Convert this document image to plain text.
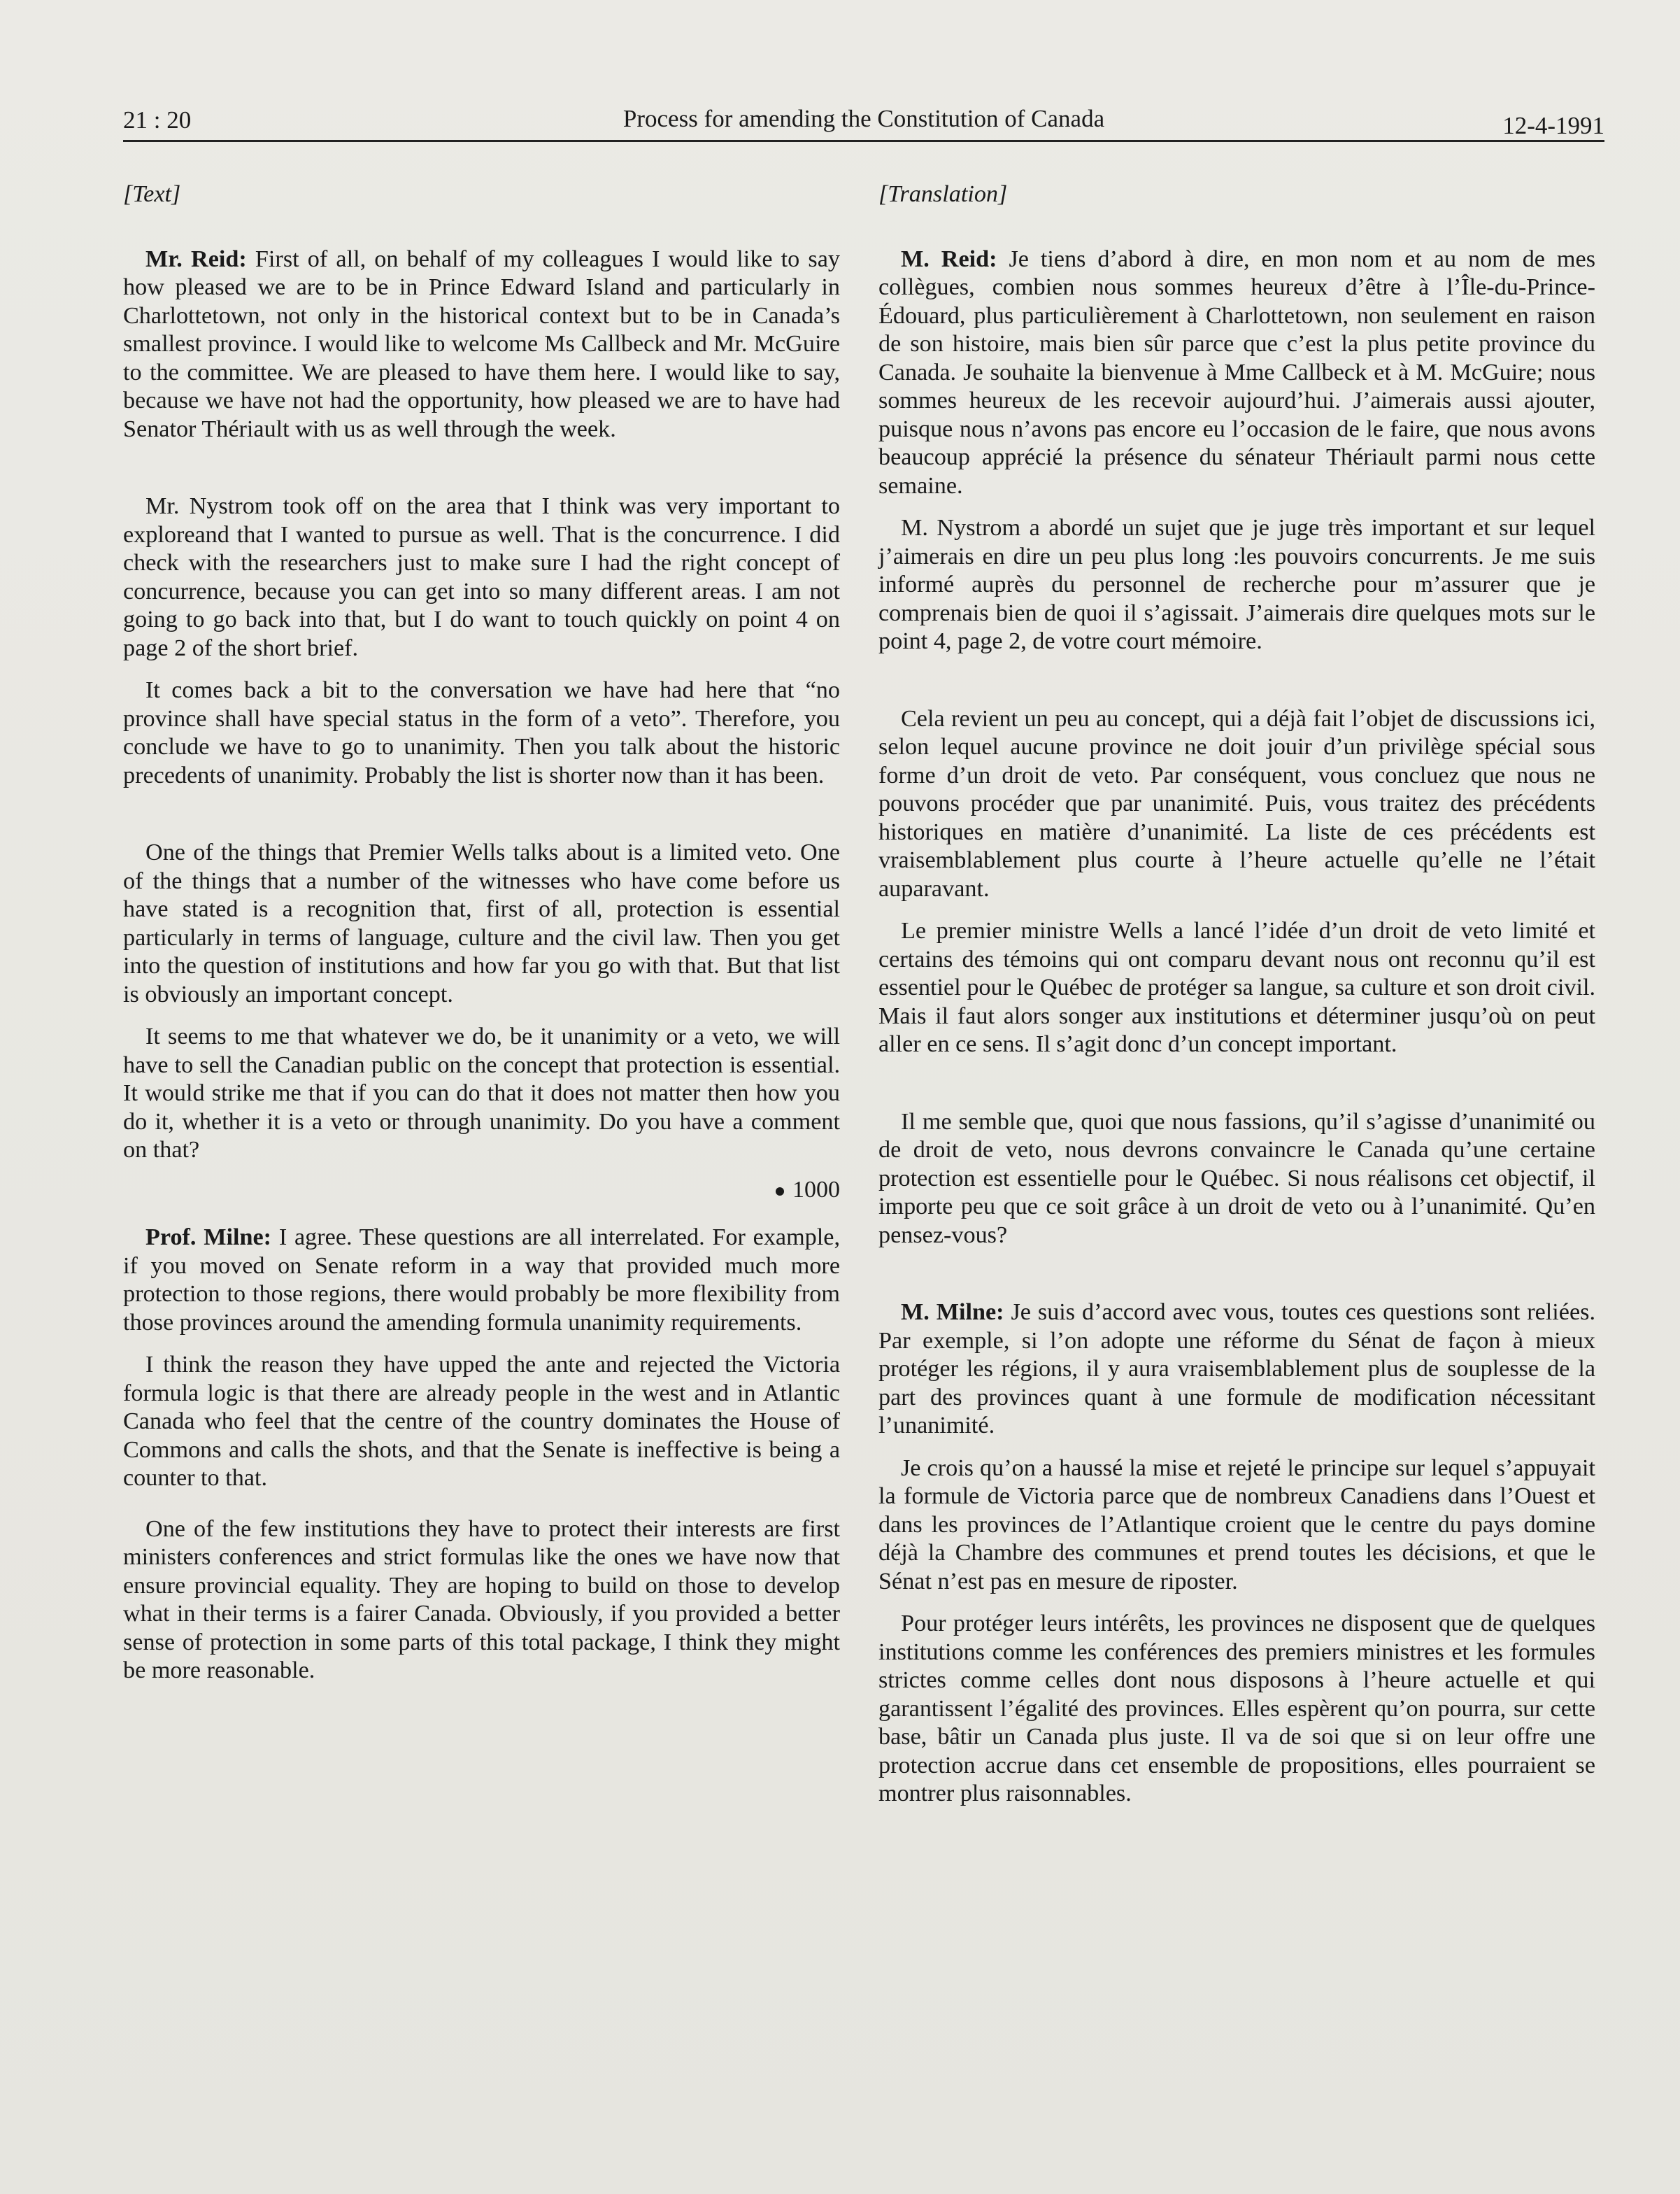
21 : 20	Process for amending the Constitution of Canada	12-4-1991

[Text]

Mr. Reid: First of all, on behalf of my colleagues I would like to say how pleased we are to be in Prince Edward Island and particularly in Charlottetown, not only in the historical context but to be in Canada’s smallest province. I would like to welcome Ms Callbeck and Mr. McGuire to the committee. We are pleased to have them here. I would like to say, because we have not had the opportunity, how pleased we are to have had Senator Thériault with us as well through the week.

Mr. Nystrom took off on the area that I think was very important to exploreand that I wanted to pursue as well. That is the concurrence. I did check with the researchers just to make sure I had the right concept of concurrence, because you can get into so many different areas. I am not going to go back into that, but I do want to touch quickly on point 4 on page 2 of the short brief.

It comes back a bit to the conversation we have had here that “no province shall have special status in the form of a veto”. Therefore, you conclude we have to go to unanimity. Then you talk about the historic precedents of unanimity. Probably the list is shorter now than it has been.

One of the things that Premier Wells talks about is a limited veto. One of the things that a number of the witnesses who have come before us have stated is a recognition that, first of all, protection is essential particularly in terms of language, culture and the civil law. Then you get into the question of institutions and how far you go with that. But that list is obviously an important concept.

It seems to me that whatever we do, be it unanimity or a veto, we will have to sell the Canadian public on the concept that protection is essential. It would strike me that if you can do that it does not matter then how you do it, whether it is a veto or through unanimity. Do you have a comment on that?

1000

Prof. Milne: I agree. These questions are all interrelated. For example, if you moved on Senate reform in a way that provided much more protection to those regions, there would probably be more flexibility from those provinces around the amending formula unanimity requirements.

I think the reason they have upped the ante and rejected the Victoria formula logic is that there are already people in the west and in Atlantic Canada who feel that the centre of the country dominates the House of Commons and calls the shots, and that the Senate is ineffective is being a counter to that.

One of the few institutions they have to protect their interests are first ministers conferences and strict formulas like the ones we have now that ensure provincial equality. They are hoping to build on those to develop what in their terms is a fairer Canada. Obviously, if you provided a better sense of protection in some parts of this total package, I think they might be more reasonable.

[Translation]

M. Reid: Je tiens d’abord à dire, en mon nom et au nom de mes collègues, combien nous sommes heureux d’être à l’Île-du-Prince-Édouard, plus particulièrement à Charlottetown, non seulement en raison de son histoire, mais bien sûr parce que c’est la plus petite province du Canada. Je souhaite la bienvenue à Mme Callbeck et à M. McGuire; nous sommes heureux de les recevoir aujourd’hui. J’aimerais aussi ajouter, puisque nous n’avons pas encore eu l’occasion de le faire, que nous avons beaucoup apprécié la présence du sénateur Thériault parmi nous cette semaine.

M. Nystrom a abordé un sujet que je juge très important et sur lequel j’aimerais en dire un peu plus long :les pouvoirs concurrents. Je me suis informé auprès du personnel de recherche pour m’assurer que je comprenais bien de quoi il s’agissait. J’aimerais dire quelques mots sur le point 4, page 2, de votre court mémoire.

Cela revient un peu au concept, qui a déjà fait l’objet de discussions ici, selon lequel aucune province ne doit jouir d’un privilège spécial sous forme d’un droit de veto. Par conséquent, vous concluez que nous ne pouvons procéder que par unanimité. Puis, vous traitez des précédents historiques en matière d’unanimité. La liste de ces précédents est vraisemblablement plus courte à l’heure actuelle qu’elle ne l’était auparavant.

Le premier ministre Wells a lancé l’idée d’un droit de veto limité et certains des témoins qui ont comparu devant nous ont reconnu qu’il est essentiel pour le Québec de protéger sa langue, sa culture et son droit civil. Mais il faut alors songer aux institutions et déterminer jusqu’où on peut aller en ce sens. Il s’agit donc d’un concept important.

Il me semble que, quoi que nous fassions, qu’il s’agisse d’unanimité ou de droit de veto, nous devrons convaincre le Canada qu’une certaine protection est essentielle pour le Québec. Si nous réalisons cet objectif, il importe peu que ce soit grâce à un droit de veto ou à l’unanimité. Qu’en pensez-vous?

M. Milne: Je suis d’accord avec vous, toutes ces questions sont reliées. Par exemple, si l’on adopte une réforme du Sénat de façon à mieux protéger les régions, il y aura vraisemblablement plus de souplesse de la part des provinces quant à une formule de modification nécessitant l’unanimité.

Je crois qu’on a haussé la mise et rejeté le principe sur lequel s’appuyait la formule de Victoria parce que de nombreux Canadiens dans l’Ouest et dans les provinces de l’Atlantique croient que le centre du pays domine déjà la Chambre des communes et prend toutes les décisions, et que le Sénat n’est pas en mesure de riposter.

Pour protéger leurs intérêts, les provinces ne disposent que de quelques institutions comme les conférences des premiers ministres et les formules strictes comme celles dont nous disposons à l’heure actuelle et qui garantissent l’égalité des provinces. Elles espèrent qu’on pourra, sur cette base, bâtir un Canada plus juste. Il va de soi que si on leur offre une protection accrue dans cet ensemble de propositions, elles pourraient se montrer plus raisonnables.
